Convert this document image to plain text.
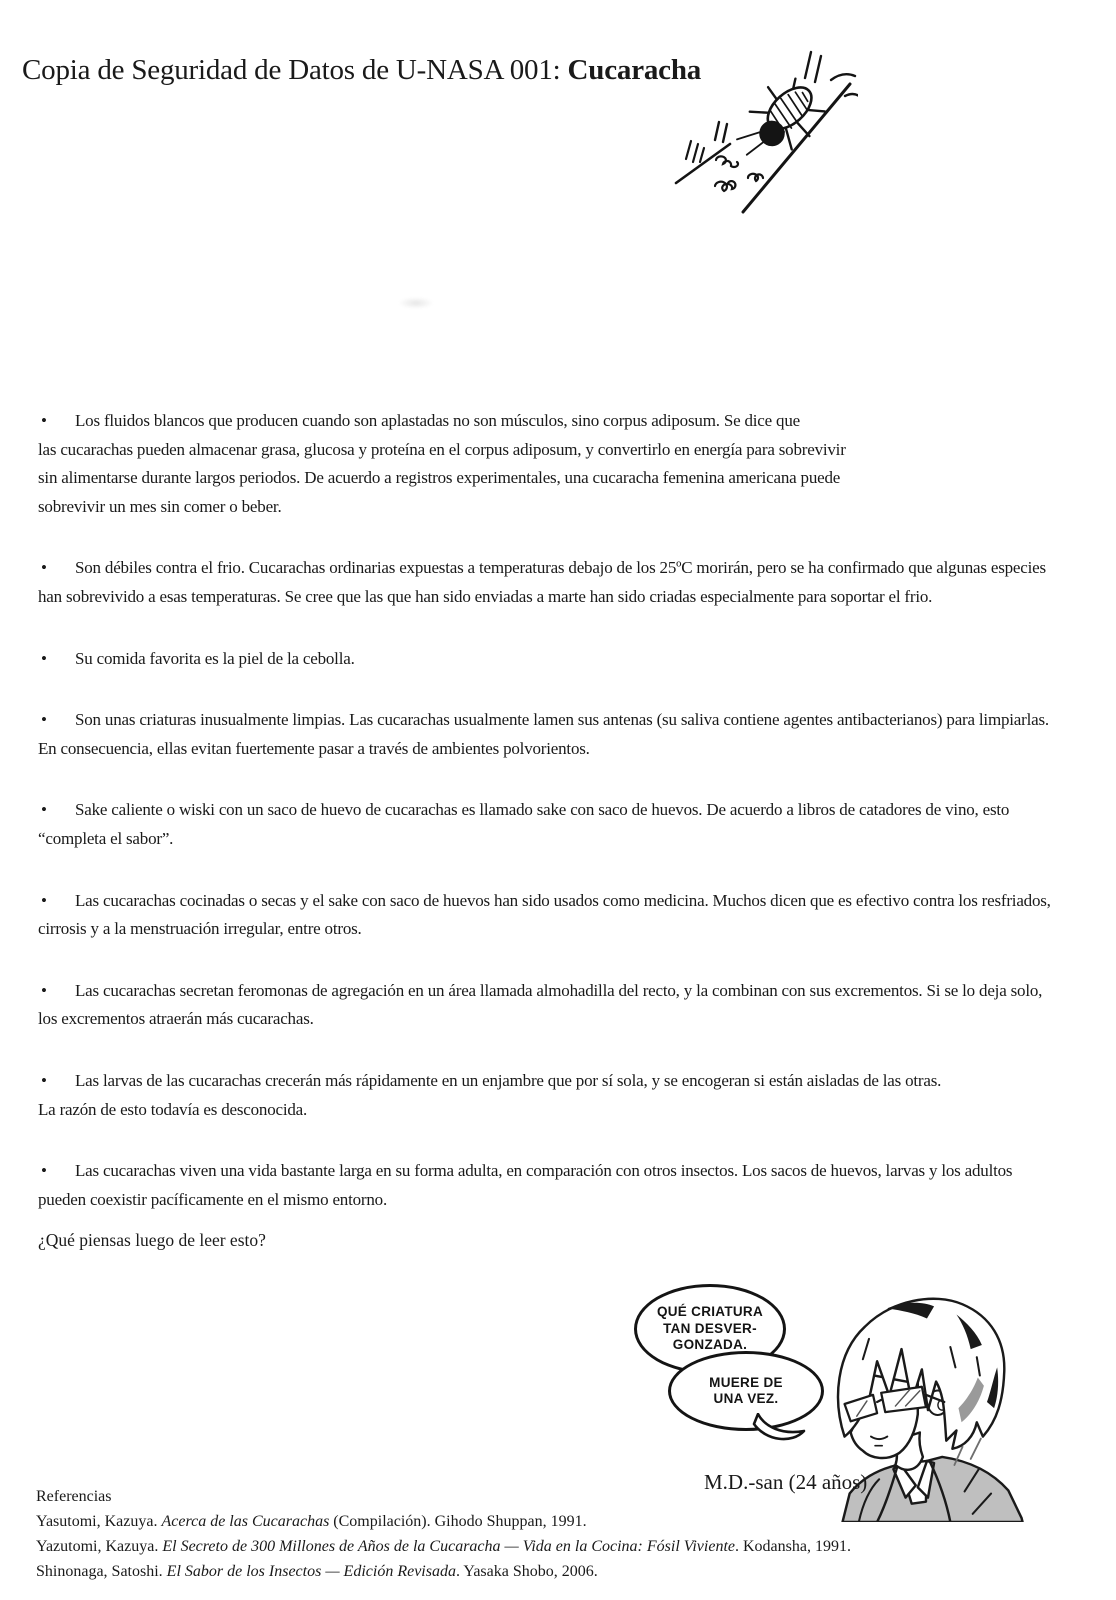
Copia de Seguridad de Datos de U-NASA 001: Cucaracha
•	Los fluidos blancos que producen cuando son aplastadas no son músculos, sino corpus adiposum. Se dice que
las cucarachas pueden almacenar grasa, glucosa y proteína en el corpus adiposum, y convertirlo en energía para sobrevivir
sin alimentarse durante largos periodos. De acuerdo a registros experimentales, una cucaracha femenina americana puede
sobrevivir un mes sin comer o beber.
•	Son débiles contra el frio. Cucarachas ordinarias expuestas a temperaturas debajo de los 25ºC morirán, pero se ha confirmado que algunas especies
han sobrevivido a esas temperaturas. Se cree que las que han sido enviadas a marte han sido criadas especialmente para soportar el frio.
•	Su comida favorita es la piel de la cebolla.
•	Son unas criaturas inusualmente limpias. Las cucarachas usualmente lamen sus antenas (su saliva contiene agentes antibacterianos) para limpiarlas.
En consecuencia, ellas evitan fuertemente pasar a través de ambientes polvorientos.
•	Sake caliente o wiski con un saco de huevo de cucarachas es llamado sake con saco de huevos. De acuerdo a libros de catadores de vino, esto
“completa el sabor”.
•	Las cucarachas cocinadas o secas y el sake con saco de huevos han sido usados como medicina. Muchos dicen que es efectivo contra los resfriados,
cirrosis y a la menstruación irregular, entre otros.
•	Las cucarachas secretan feromonas de agregación en un área llamada almohadilla del recto, y la combinan con sus excrementos. Si se lo deja solo,
los excrementos atraerán más cucarachas.
•	Las larvas de las cucarachas crecerán más rápidamente en un enjambre que por sí sola, y se encogeran si están aisladas de las otras.
La razón de esto todavía es desconocida.
•	Las cucarachas viven una vida bastante larga en su forma adulta, en comparación con otros insectos. Los sacos de huevos, larvas y los adultos
pueden coexistir pacíficamente en el mismo entorno.
¿Qué piensas luego de leer esto?
QUÉ CRIATURA
TAN DESVER-
GONZADA.
MUERE DE
UNA VEZ.
M.D.-san (24 años)
Referencias
Yasutomi, Kazuya. Acerca de las Cucarachas (Compilación). Gihodo Shuppan, 1991.
Yazutomi, Kazuya. El Secreto de 300 Millones de Años de la Cucaracha — Vida en la Cocina: Fósil Viviente. Kodansha, 1991.
Shinonaga, Satoshi. El Sabor de los Insectos — Edición Revisada. Yasaka Shobo, 2006.
